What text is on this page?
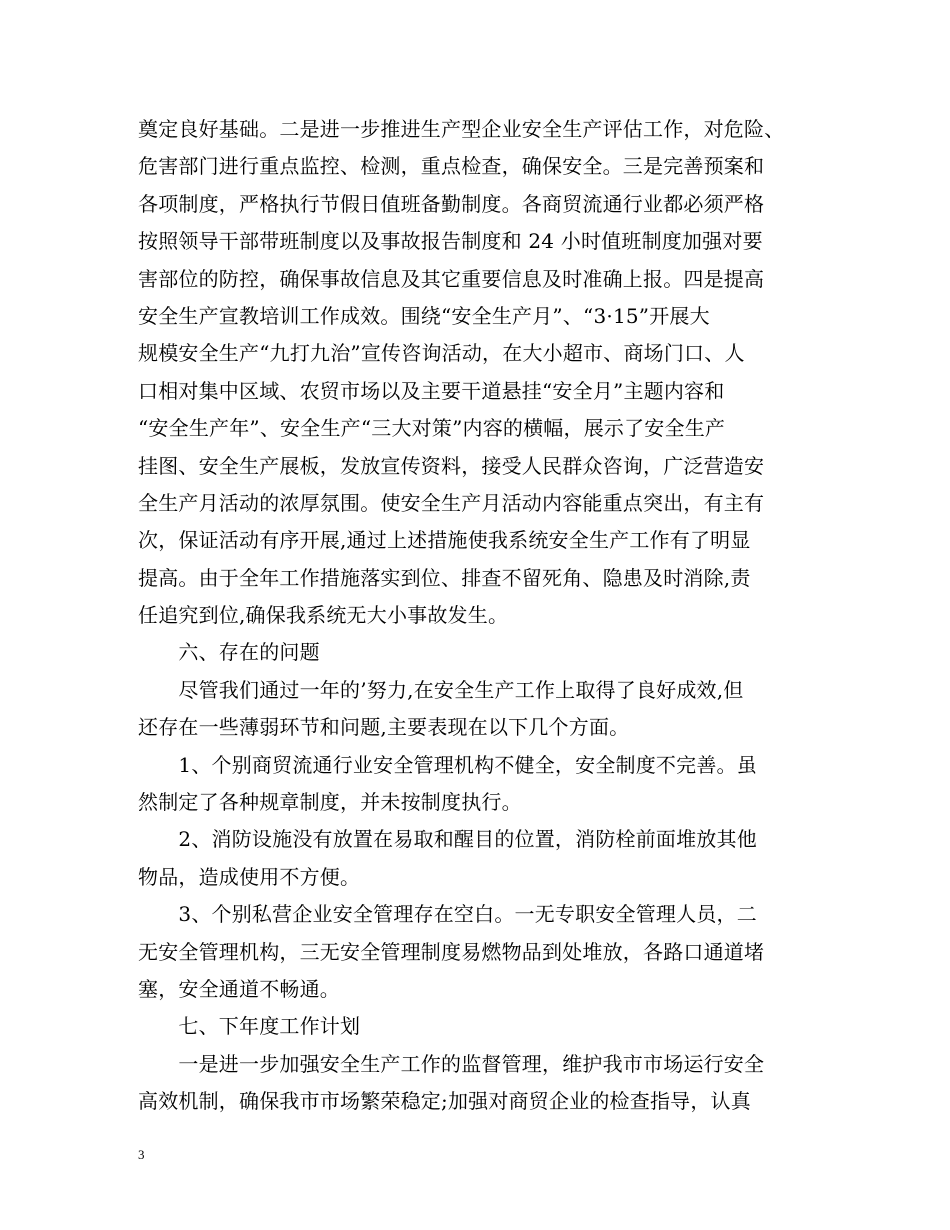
奠定良好基础。二是进一步推进生产型企业安全生产评估工作，对危险、
危害部门进行重点监控、检测，重点检查，确保安全。三是完善预案和
各项制度，严格执行节假日值班备勤制度。各商贸流通行业都必须严格
按照领导干部带班制度以及事故报告制度和 24 小时值班制度加强对要
害部位的防控，确保事故信息及其它重要信息及时准确上报。四是提高
安全生产宣教培训工作成效。围绕“安全生产月”、“3·15”开展大
规模安全生产“九打九治”宣传咨询活动，在大小超市、商场门口、人
口相对集中区域、农贸市场以及主要干道悬挂“安全月”主题内容和
“安全生产年”、安全生产“三大对策”内容的横幅，展示了安全生产
挂图、安全生产展板，发放宣传资料，接受人民群众咨询，广泛营造安
全生产月活动的浓厚氛围。使安全生产月活动内容能重点突出，有主有
次，保证活动有序开展,通过上述措施使我系统安全生产工作有了明显
提高。由于全年工作措施落实到位、排查不留死角、隐患及时消除,责
任追究到位,确保我系统无大小事故发生。
　　六、存在的问题
　　尽管我们通过一年的’努力,在安全生产工作上取得了良好成效,但
还存在一些薄弱环节和问题,主要表现在以下几个方面。
　　1、个别商贸流通行业安全管理机构不健全，安全制度不完善。虽
然制定了各种规章制度，并未按制度执行。
　　2、消防设施没有放置在易取和醒目的位置，消防栓前面堆放其他
物品，造成使用不方便。
　　3、个别私营企业安全管理存在空白。一无专职安全管理人员，二
无安全管理机构，三无安全管理制度易燃物品到处堆放，各路口通道堵
塞，安全通道不畅通。
　　七、下年度工作计划
　　一是进一步加强安全生产工作的监督管理，维护我市市场运行安全
高效机制，确保我市市场繁荣稳定;加强对商贸企业的检查指导，认真
3
